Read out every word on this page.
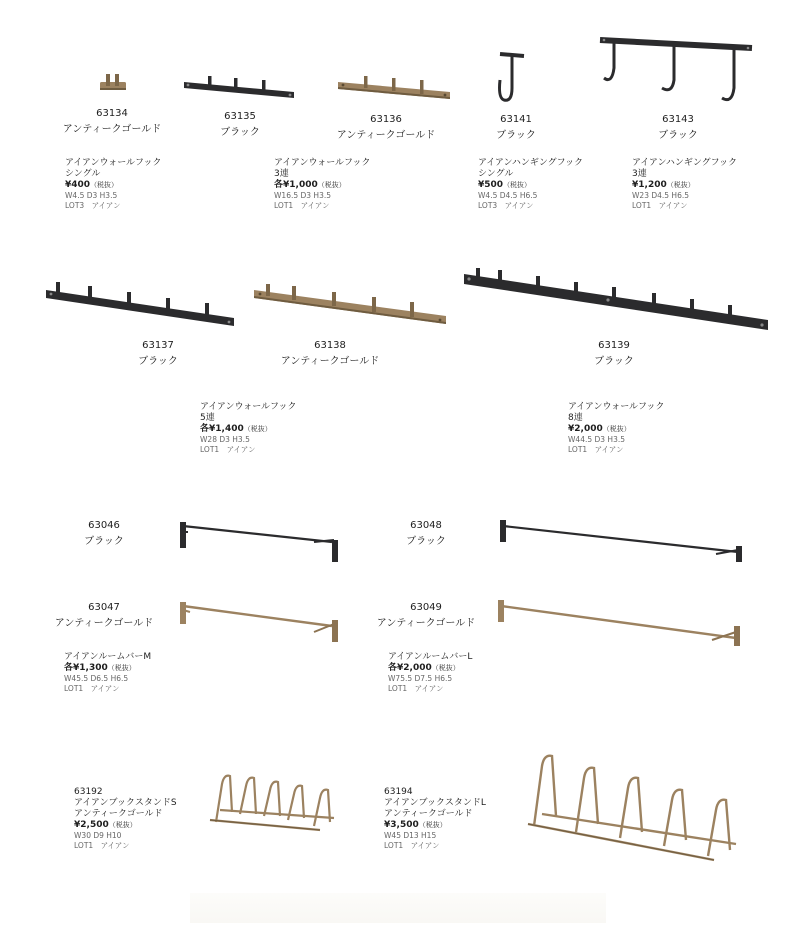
63134
アンティークゴールド
63135
ブラック
63136
アンティークゴールド
63141
ブラック
63143
ブラック
アイアンウォールフック
シングル
¥400（税抜）
W4.5 D3 H3.5
LOT3　アイアン
アイアンウォールフック
3連
各¥1,000（税抜）
W16.5 D3 H3.5
LOT1　アイアン
アイアンハンギングフック
シングル
¥500（税抜）
W4.5 D4.5 H6.5
LOT3　アイアン
アイアンハンギングフック
3連
¥1,200（税抜）
W23 D4.5 H6.5
LOT1　アイアン
63137
ブラック
63138
アンティークゴールド
63139
ブラック
アイアンウォールフック
5連
各¥1,400（税抜）
W28 D3 H3.5
LOT1　アイアン
アイアンウォールフック
8連
¥2,000（税抜）
W44.5 D3 H3.5
LOT1　アイアン
63046
ブラック
63048
ブラック
63047
アンティークゴールド
63049
アンティークゴールド
アイアンルームバーM
各¥1,300（税抜）
W45.5 D6.5 H6.5
LOT1　アイアン
アイアンルームバーL
各¥2,000（税抜）
W75.5 D7.5 H6.5
LOT1　アイアン
63192
アイアンブックスタンドS
アンティークゴールド
¥2,500（税抜）
W30 D9 H10
LOT1　アイアン
63194
アイアンブックスタンドL
アンティークゴールド
¥3,500（税抜）
W45 D13 H15
LOT1　アイアン
